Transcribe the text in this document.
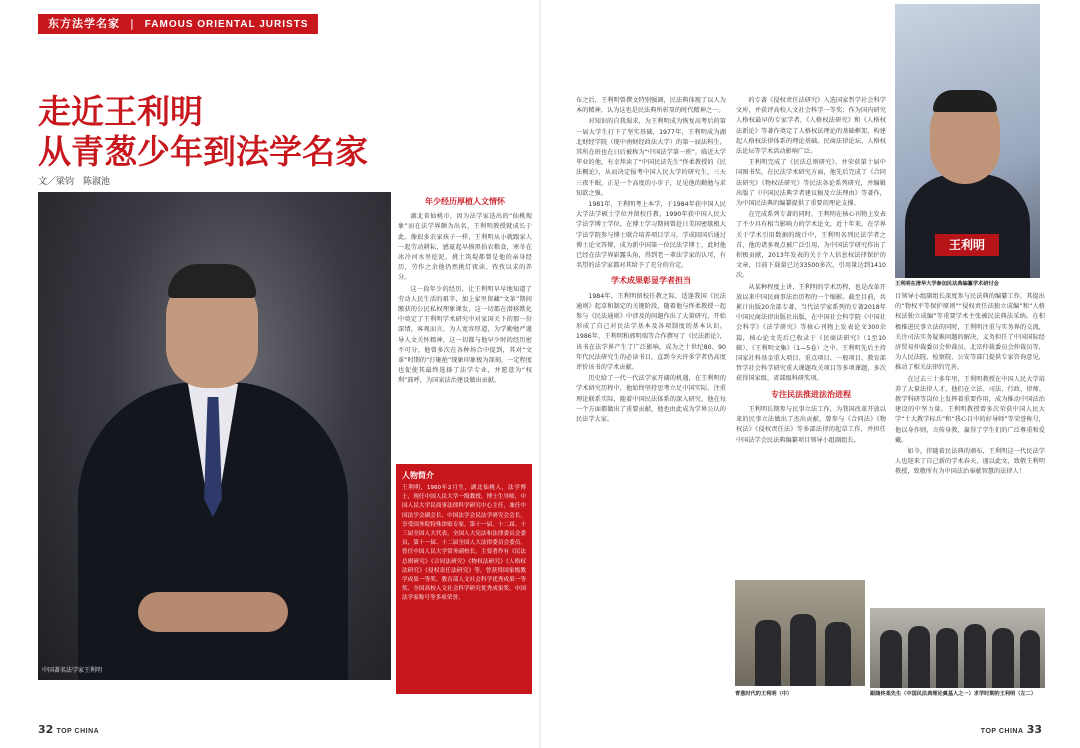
东方法学名家 | FAMOUS ORIENTAL JURISTS
走近王利明
从青葱少年到法学名家
文／梁钧　陈淑池
中国著名法学家王利明
年少经历厚植人文情怀

湖北省仙桃市，因为法学家迭出的“仙桃现象”而在法学界颇为出名，王利明教授就成长于此。像很多农家孩子一样，王利明从小就跟家人一起劳动耕耘，感夏起早摸黑拾农粮食，寒冬在冰冷河水里挖泥，挑土筑堤都曾是他的亲身经历，劳作之余他仍然挑灯夜读、孜孜以求的养分。

这一段年少的经历，让王利明早早地知道了劳动人民生活的艰辛，加上家里留藏“文革”期间缴获的公民私权理象课发，这一切都在潜移默化中奠定了王利明学术研究中对家国关下的那一份深情，客观而言，为人宽容厚道，为学勤勉严谨导人文关怀精神，这一切都与他早少时的经历密不可分。他曾多次在各种场合中提到，其对“文革”时期的“打砸抢”现象印象极为深刻，一定程度也促使其最终选择了法学专业，并愿意为“权利”鼓呼，为国家法治建设做出贡献。

人物简介
王利明，1960年2月生，湖北仙桃人，法学博士，现任中国人民大学一级教授、博士生导师，中国人民大学民商事法律科学研究中心主任，兼任中国法学会副会长、中国法学会民法学研究会会长，享受国务院特殊津贴专家，第十一届、十二届、十三届全国人大代表，全国人大宪法和法律委员会委员，第十一届、十二届全国人大法律委员会委员。曾任中国人民大学常务副校长。主要著作有《民法总则研究》《合同法研究》《物权法研究》《人格权法研究》《侵权责任法研究》等，曾获得国家级教学成果一等奖、教育部人文社会科学优秀成果一等奖、全国高校人文社会科学研究优秀成果奖、中国法学家称号等多项荣誉。
32 TOP CHINA

布之后，王利明曾撰文特别强调，民法典体现了以人为本的精神，认为这也是民法典所彰显的时代精神之一。

对知识的自我渴求，为王利明成为恢复高考后的第一届大学生打下了坚实基础，1977年，王利明成为湖北财经学院（现中南财经政法大学）的第一届法科生。其所在班也在日后被称为“中国法学第一班”。临近大学毕业的他，有幸拜读了“中国民法先生”佟柔教授的《民法概论》，从而决定报考中国人民大学的研究生，三天三夜不眠，正是一个高度的小步子，足见他的勤勉与求知欲之强。

1981年，王利明考上本学，于1984年获中国人民大学法学硕士学位并留校任教，1990年获中国人民大学法学博士学位，在博士学习期间曾赴日美国密歇根大学法学院参与博士联合培养项目学习，学成回国后通过博士论文答辩，成为新中国第一位民法学博士，此时他已经在法学界崭露头角，得到老一辈法学家的认可，有名望的法学家都对其给予了充分的肯定。

学术成果彰显学者担当

1984年，王利明留校任教之际，适逢我国《民法通则》起草和制定的关键阶段，随着他与佟柔教授一起参与《民法通则》中涉及的问题作出了大量研究，开始形成了自己对民法学基本及各项制度的基本认识。1986年，王利明和郭明瑞等合作撰写了《民法新论》，该书在法学界产生了广泛影响，成为之十世纪80、90年代民法研究生的必读书目，直到今天许多学者仍高度评价该书的学术贡献。

历史给了一代一代法学家开阔的机遇，在王利明的学术研究历程中，他始终坚持思考立足中国实际、注重理论联系实际，随着中国民法体系的深入研究，他在每一个方面都做出了重要贡献，他也由此成为学界公认的民法学大家。

的专著《侵权责任法研究》入选国家哲学社会科学文库，并获评高校人文社会科学一等奖；作为国内研究人格权最早的专家学者，《人格权法研究》和《人格权法新论》等著作奠定了人格权法理论的基础框架，构建起人格权法律体系的理论基础。民商法律论坛、人格权法论坛等学术活动影响广泛。

王利明完成了《民法总则研究》，并荣获第十届中国图书奖，在民法学术研究方面，他先后完成了《合同法研究》《物权法研究》等民法各论系列研究，并编辑出版了《中国民法典学者建议稿及立法理由》等著作，为中国民法典的编纂提供了重要的理论支撑。

在完成系列专著的同时，王利明在核心刊物上发表了不少具有相当影响力的学术论文，近十年来，在学界关于学术引用数据的统计中，王利明名列民法学者之首，他的诸多观点被广泛引用，为中国法学研究作出了积极贡献，2013年发表的关于个人信息权法律保护的文章，目前下载量已达33500多次，引用量达到1410次。

从某种程度上讲，王利明的学术历程，也是改革开放以来中国民商事法治历程的一个缩影。截至目前，共累计出版20余部专著，当代法学家系列的专著2018年中国民商法律出版社出版，在中国社会科学院《中国社会科学》《法学研究》等核心刊物上发表论文300余篇，核心论文先后已收录于《民商法研究》（1至10辑）、《王利明文集》（1—5卷）之中。王利明先后主持国家社科基金重大项目、重点项目、一般项目、教育部哲学社会科学研究重大课题攻关项目等多项课题，多次获得国家级、省部级科研奖项。

专注民法推进法治进程

王利明长期参与民事立法工作，为我国改革开放以来的民事立法做出了杰出贡献，曾参与《合同法》《物权法》《侵权责任法》等多部法律的起草工作，并担任中国法学会民法典编纂项目领导小组副组长。

王利明
王利明在清华大学参加民法典编纂学术研讨会

目领导小组副组长深度参与民法典的编纂工作，其提出的“物权平等保护原则”“侵权责任法独立成编”和“人格权法独立成编”等重要学术主张被民法典法采纳。在积极推进民事立法的同时，王利明注重与实务界的交流，关注司法实务疑难问题的解决，义务担任了中国国际经济贸易仲裁委员会仲裁员、北京仲裁委员会仲裁员等，为人民法院、检察院、公安等部门提供专家咨询意见，推动了相关法律的完善。

在过去三十多年里，王利明教授在中国人民大学培养了大量法律人才，他们在立法、司法、行政、律师、教学科研等岗位上发挥着重要作用，成为推动中国法治建设的中坚力量。王利明教授曾多次荣获中国人民大学“十大教学标兵”和“我心目中的好导师”等荣誉称号，他以身作则，言传身教，赢得了学生们的广泛尊重和爱戴。

如今，伴随着民法典的颁布，王利明这一代民法学人也迎来了自己新的学术春天，谨以此文，致敬王利明教授，致敬所有为中国法治奉献智慧的法律人！

青葱时代的王利明（中）	跟随佟柔先生（中国民法典理论奠基人之一）求学时期的王利明（左二）
TOP CHINA 33
